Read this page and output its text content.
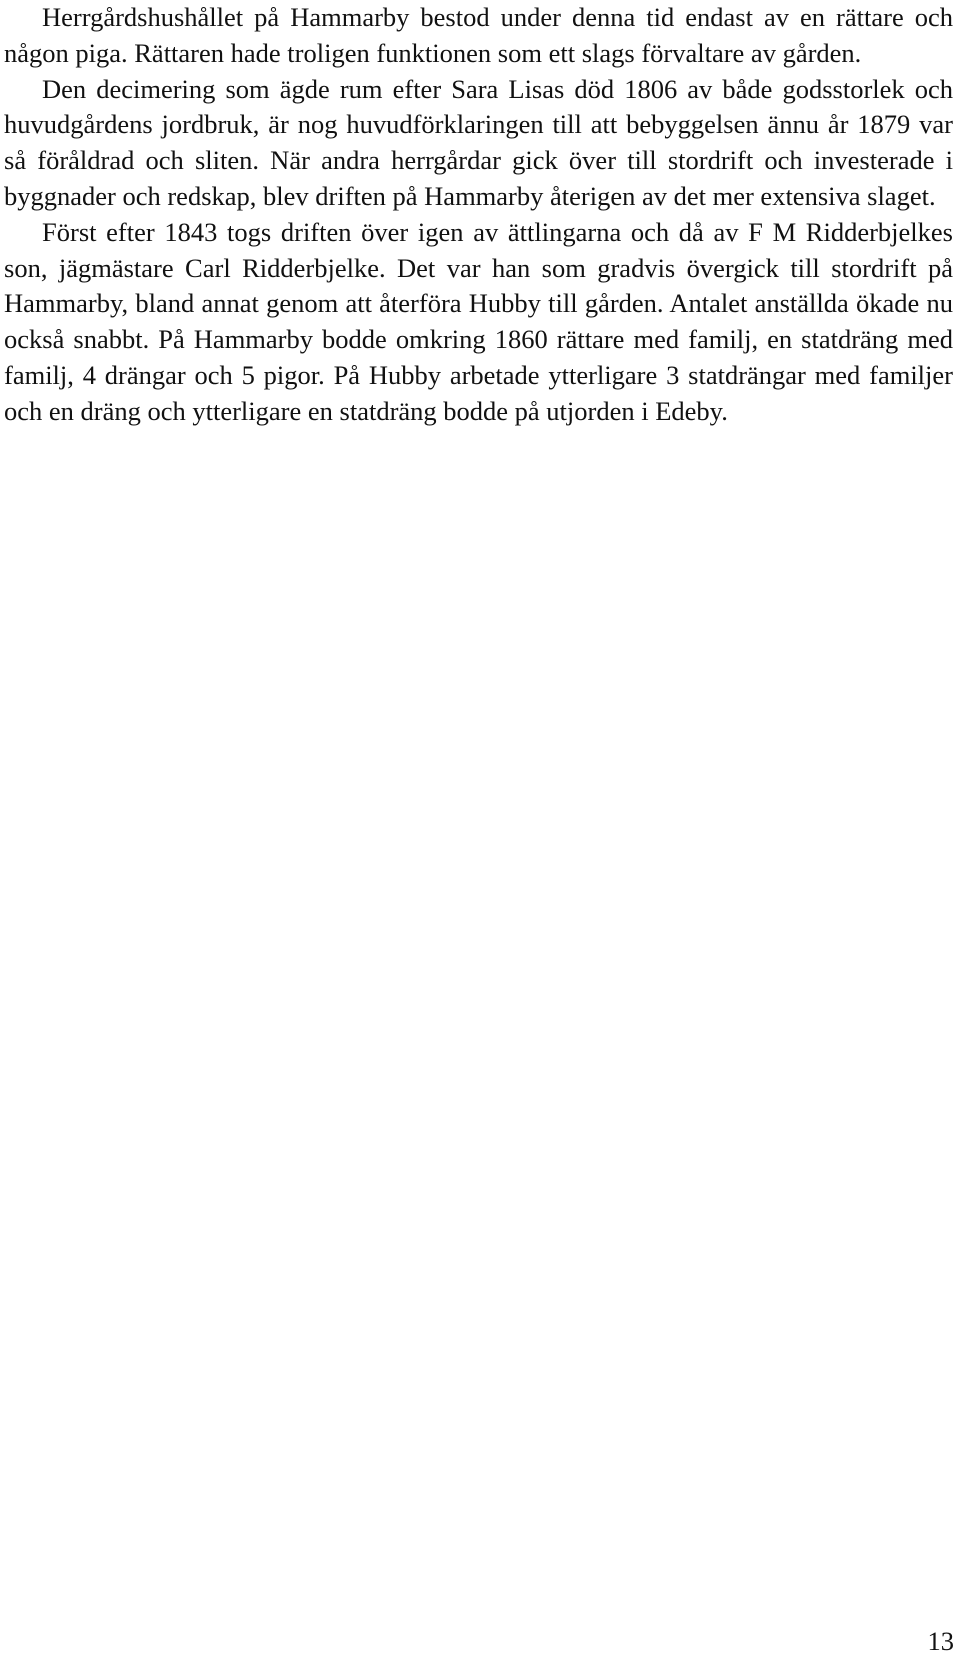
Herrgårdshushållet på Hammarby bestod under denna tid endast av en rättare och någon piga. Rättaren hade troligen funktionen som ett slags förvaltare av gården.

Den decimering som ägde rum efter Sara Lisas död 1806 av både godsstorlek och huvudgårdens jordbruk, är nog huvudförklaringen till att bebyggelsen ännu år 1879 var så föråldrad och sliten. När andra herrgårdar gick över till stordrift och investerade i byggnader och redskap, blev driften på Hammarby återigen av det mer extensiva slaget.

Först efter 1843 togs driften över igen av ättlingarna och då av F M Ridderbjelkes son, jägmästare Carl Ridderbjelke. Det var han som gradvis övergick till stordrift på Hammarby, bland annat genom att återföra Hubby till gården. Antalet anställda ökade nu också snabbt. På Hammarby bodde omkring 1860 rättare med familj, en statdräng med familj, 4 drängar och 5 pigor. På Hubby arbetade ytterligare 3 statdrängar med familjer och en dräng och ytterligare en statdräng bodde på utjorden i Edeby.

13
